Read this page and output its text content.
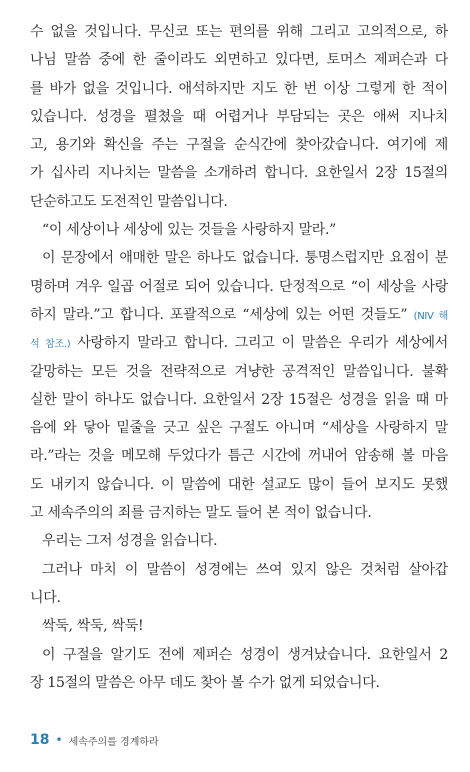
수 없을 것입니다. 무신코 또는 편의를 위해 그리고 고의적으로, 하
나님 말씀 중에 한 줄이라도 외면하고 있다면, 토머스 제퍼슨과 다
를 바가 없을 것입니다. 애석하지만 지도 한 번 이상 그렇게 한 적이
있습니다. 성경을 펼쳤을 때 어렵거나 부담되는 곳은 애써 지나치
고, 용기와 확신을 주는 구절을 순식간에 찾아갔습니다. 여기에 제
가 십사리 지나치는 말씀을 소개하려 합니다. 요한일서 2장 15절의
단순하고도 도전적인 말씀입니다.
“이 세상이나 세상에 있는 것들을 사랑하지 말라.”
이 문장에서 애매한 말은 하나도 없습니다. 퉁명스럽지만 요점이 분
명하며 겨우 일곱 어절로 되어 있습니다. 단정적으로 “이 세상을 사랑
하지 말라.”고 합니다. 포괄적으로 “세상에 있는 어떤 것들도” (NIV 해
석 참조.) 사랑하지 말라고 합니다. 그리고 이 말씀은 우리가 세상에서
갈망하는 모든 것을 전략적으로 겨냥한 공격적인 말씀입니다. 불확
실한 말이 하나도 없습니다. 요한일서 2장 15절은 성경을 읽을 때 마
음에 와 닿아 밑줄을 긋고 싶은 구절도 아니며 “세상을 사랑하지 말
라.”라는 것을 메모해 두었다가 틈근 시간에 꺼내어 암송해 볼 마음
도 내키지 않습니다. 이 말씀에 대한 설교도 많이 들어 보지도 못했
고 세속주의의 죄를 금지하는 말도 들어 본 적이 없습니다.
우리는 그저 성경을 읽습니다.
그러나 마치 이 말씀이 성경에는 쓰여 있지 않은 것처럼 살아갑
니다.
싹둑, 싹둑, 싹둑!
이 구절을 알기도 전에 제퍼슨 성경이 생겨났습니다. 요한일서 2
장 15절의 말씀은 아무 데도 찾아 볼 수가 없게 되었습니다.
18 • 세속주의를 경계하라
